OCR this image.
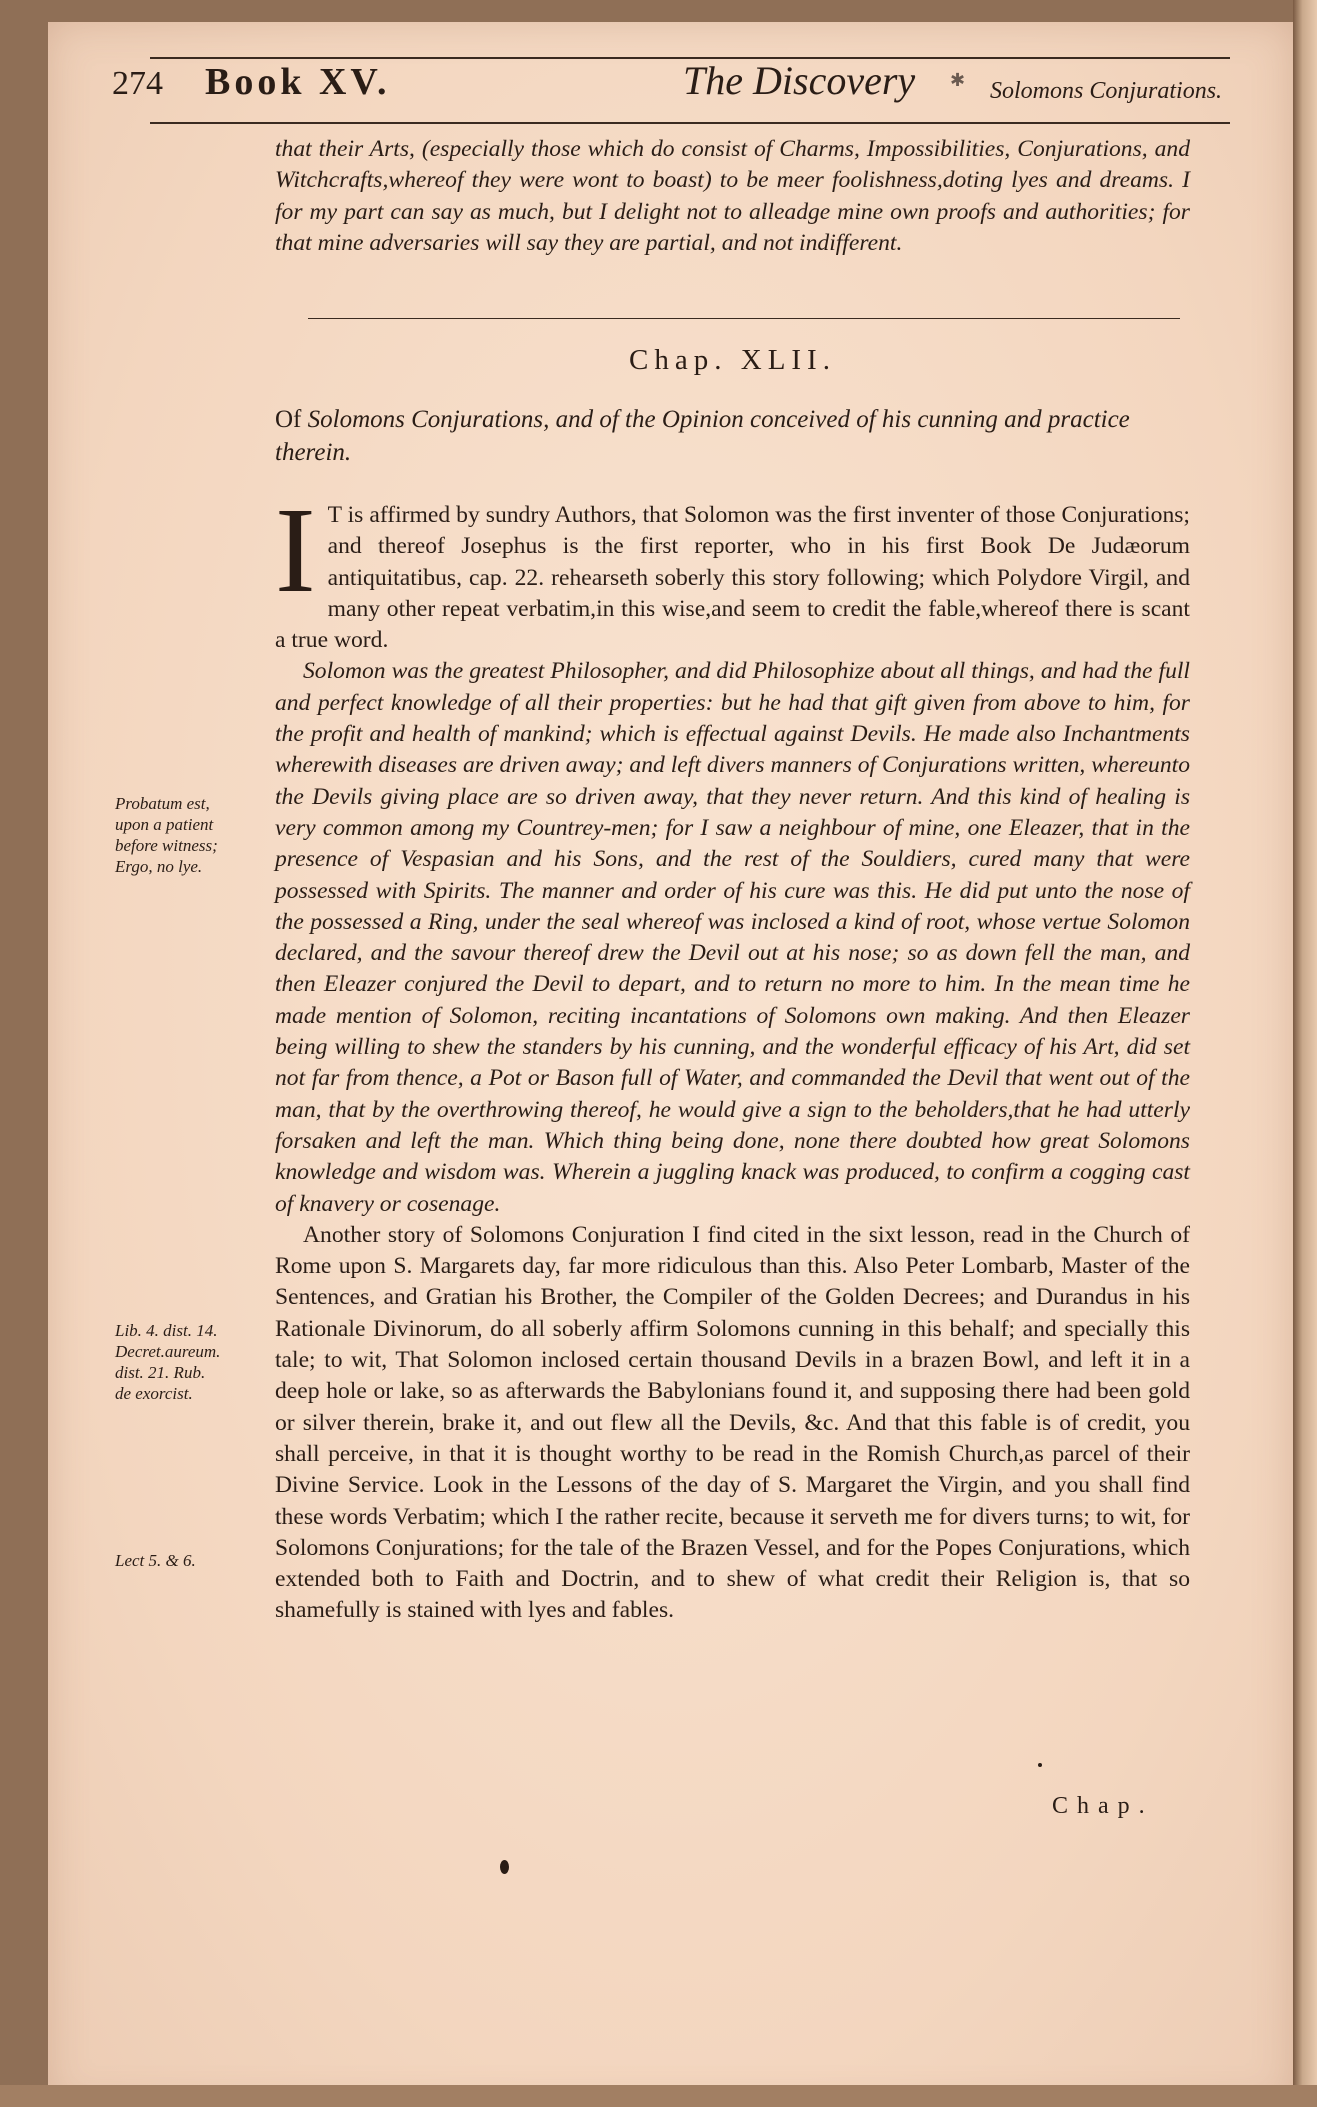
274 Book XV.	The Discovery ✱ Solomons Conjurations.

that their Arts, (especially those which do consist of Charms, Impossibilities, Conjurations, and Witchcrafts,whereof they were wont to boast) to be meer foolishness,doting lyes and dreams. I for my part can say as much, but I delight not to alleadge mine own proofs and authorities; for that mine adversaries will say they are partial, and not indifferent.

Chap. XLII.
Of Solomons Conjurations, and of the Opinion conceived of his cunning and practice therein.

I T is affirmed by sundry Authors, that Solomon was the first inventer of those Conjurations; and thereof Josephus is the first reporter, who in his first Book De Judæorum antiquitatibus, cap. 22. rehearseth soberly this story following; which Polydore Virgil, and many other repeat verbatim,in this wise,and seem to credit the fable,whereof there is scant a true word.

Solomon was the greatest Philosopher, and did Philosophize about all things, and had the full and perfect knowledge of all their properties: but he had that gift given from above to him, for the profit and health of mankind; which is effectual against Devils. He made also Inchantments wherewith diseases are driven away; and left divers manners of Conjurations written, whereunto the Devils giving place are so driven away, that they never return. And this kind of healing is very common among my Countrey-men; for I saw a neighbour of mine, one Eleazer, that in the presence of Vespasian and his Sons, and the rest of the Souldiers, cured many that were possessed with Spirits. The manner and order of his cure was this. He did put unto the nose of the possessed a Ring, under the seal whereof was inclosed a kind of root, whose vertue Solomon declared, and the savour thereof drew the Devil out at his nose; so as down fell the man, and then Eleazer conjured the Devil to depart, and to return no more to him. In the mean time he made mention of Solomon, reciting incantations of Solomons own making. And then Eleazer being willing to shew the standers by his cunning, and the wonderful efficacy of his Art, did set not far from thence, a Pot or Bason full of Water, and commanded the Devil that went out of the man, that by the overthrowing thereof, he would give a sign to the beholders,that he had utterly forsaken and left the man. Which thing being done, none there doubted how great Solomons knowledge and wisdom was. Wherein a juggling knack was produced, to confirm a cogging cast of knavery or cosenage.

Another story of Solomons Conjuration I find cited in the sixt lesson, read in the Church of Rome upon S. Margarets day, far more ridiculous than this. Also Peter Lombarb, Master of the Sentences, and Gratian his Brother, the Compiler of the Golden Decrees; and Durandus in his Rationale Divinorum, do all soberly affirm Solomons cunning in this behalf; and specially this tale; to wit, That Solomon inclosed certain thousand Devils in a brazen Bowl, and left it in a deep hole or lake, so as afterwards the Babylonians found it, and supposing there had been gold or silver therein, brake it, and out flew all the Devils, &c. And that this fable is of credit, you shall perceive, in that it is thought worthy to be read in the Romish Church,as parcel of their Divine Service. Look in the Lessons of the day of S. Margaret the Virgin, and you shall find these words Verbatim; which I the rather recite, because it serveth me for divers turns; to wit, for Solomons Conjurations; for the tale of the Brazen Vessel, and for the Popes Conjurations, which extended both to Faith and Doctrin, and to shew of what credit their Religion is, that so shamefully is stained with lyes and fables.

Probatum est,
upon a patient
before witness;
Ergo, no lye.
Lib. 4. dist. 14.
Decret.aureum.
dist. 21. Rub.
de exorcist.
Lect 5. & 6.
Chap.
